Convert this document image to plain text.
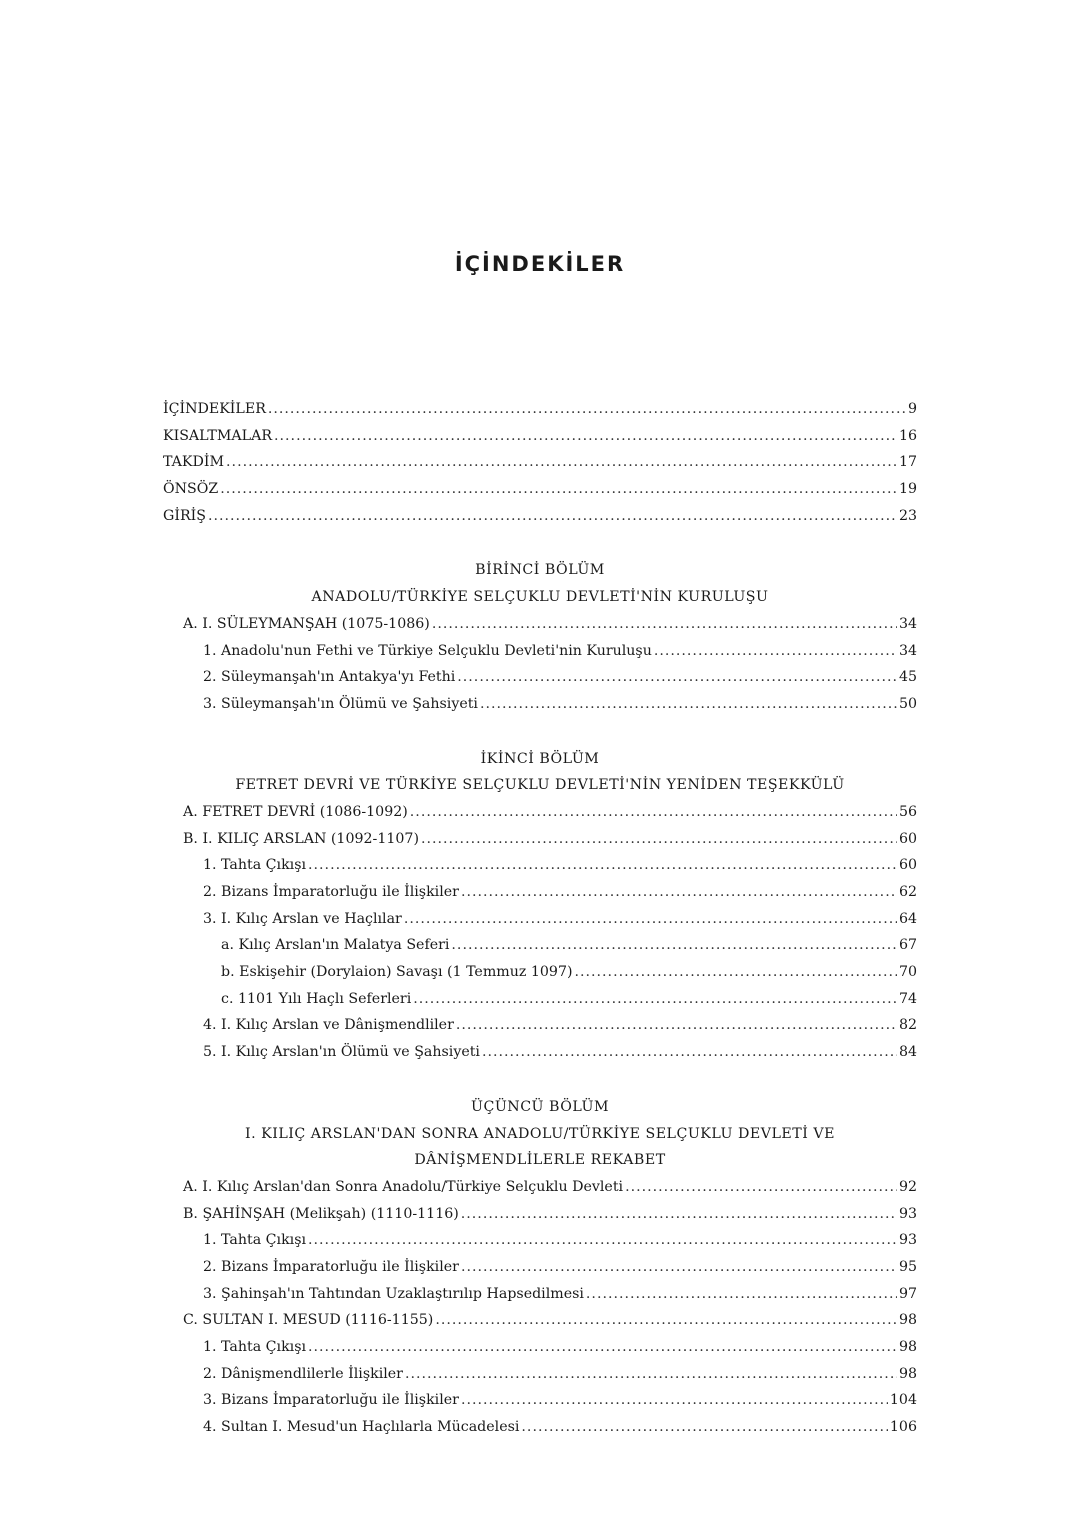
İÇİNDEKİLER
İÇİNDEKİLER .....	9
KISALTMALAR .....	16
TAKDİM .....	17
ÖNSÖZ .....	19
GİRİŞ .....	23
BİRİNCİ BÖLÜM
ANADOLU/TÜRKİYE SELÇUKLU DEVLETİ'NİN KURULUŞU
A. I. SÜLEYMANŞAH (1075-1086) .....	34
1. Anadolu'nun Fethi ve Türkiye Selçuklu Devleti'nin Kuruluşu .....	34
2. Süleymanşah'ın Antakya'yı Fethi .....	45
3. Süleymanşah'ın Ölümü ve Şahsiyeti .....	50
İKİNCİ BÖLÜM
FETRET DEVRİ VE TÜRKİYE SELÇUKLU DEVLETİ'NİN YENİDEN TEŞEKKÜLÜ
A. FETRET DEVRİ (1086-1092) .....	56
B. I. KILIÇ ARSLAN (1092-1107) .....	60
1. Tahta Çıkışı .....	60
2. Bizans İmparatorluğu ile İlişkiler .....	62
3. I. Kılıç Arslan ve Haçlılar .....	64
a. Kılıç Arslan'ın Malatya Seferi .....	67
b. Eskişehir (Dorylaion) Savaşı (1 Temmuz 1097) .....	70
c. 1101 Yılı Haçlı Seferleri .....	74
4. I. Kılıç Arslan ve Dânişmendliler .....	82
5. I. Kılıç Arslan'ın Ölümü ve Şahsiyeti .....	84
ÜÇÜNCÜ BÖLÜM
I. KILIÇ ARSLAN'DAN SONRA ANADOLU/TÜRKİYE SELÇUKLU DEVLETİ VE
DÂNİŞMENDLİLERLE REKABET
A. I. Kılıç Arslan'dan Sonra Anadolu/Türkiye Selçuklu Devleti .....	92
B. ŞAHİNŞAH (Melikşah) (1110-1116) .....	93
1. Tahta Çıkışı .....	93
2. Bizans İmparatorluğu ile İlişkiler .....	95
3. Şahinşah'ın Tahtından Uzaklaştırılıp Hapsedilmesi .....	97
C. SULTAN I. MESUD (1116-1155) .....	98
1. Tahta Çıkışı .....	98
2. Dânişmendlilerle İlişkiler .....	98
3. Bizans İmparatorluğu ile İlişkiler .....	104
4. Sultan I. Mesud'un Haçlılarla Mücadelesi .....	106
